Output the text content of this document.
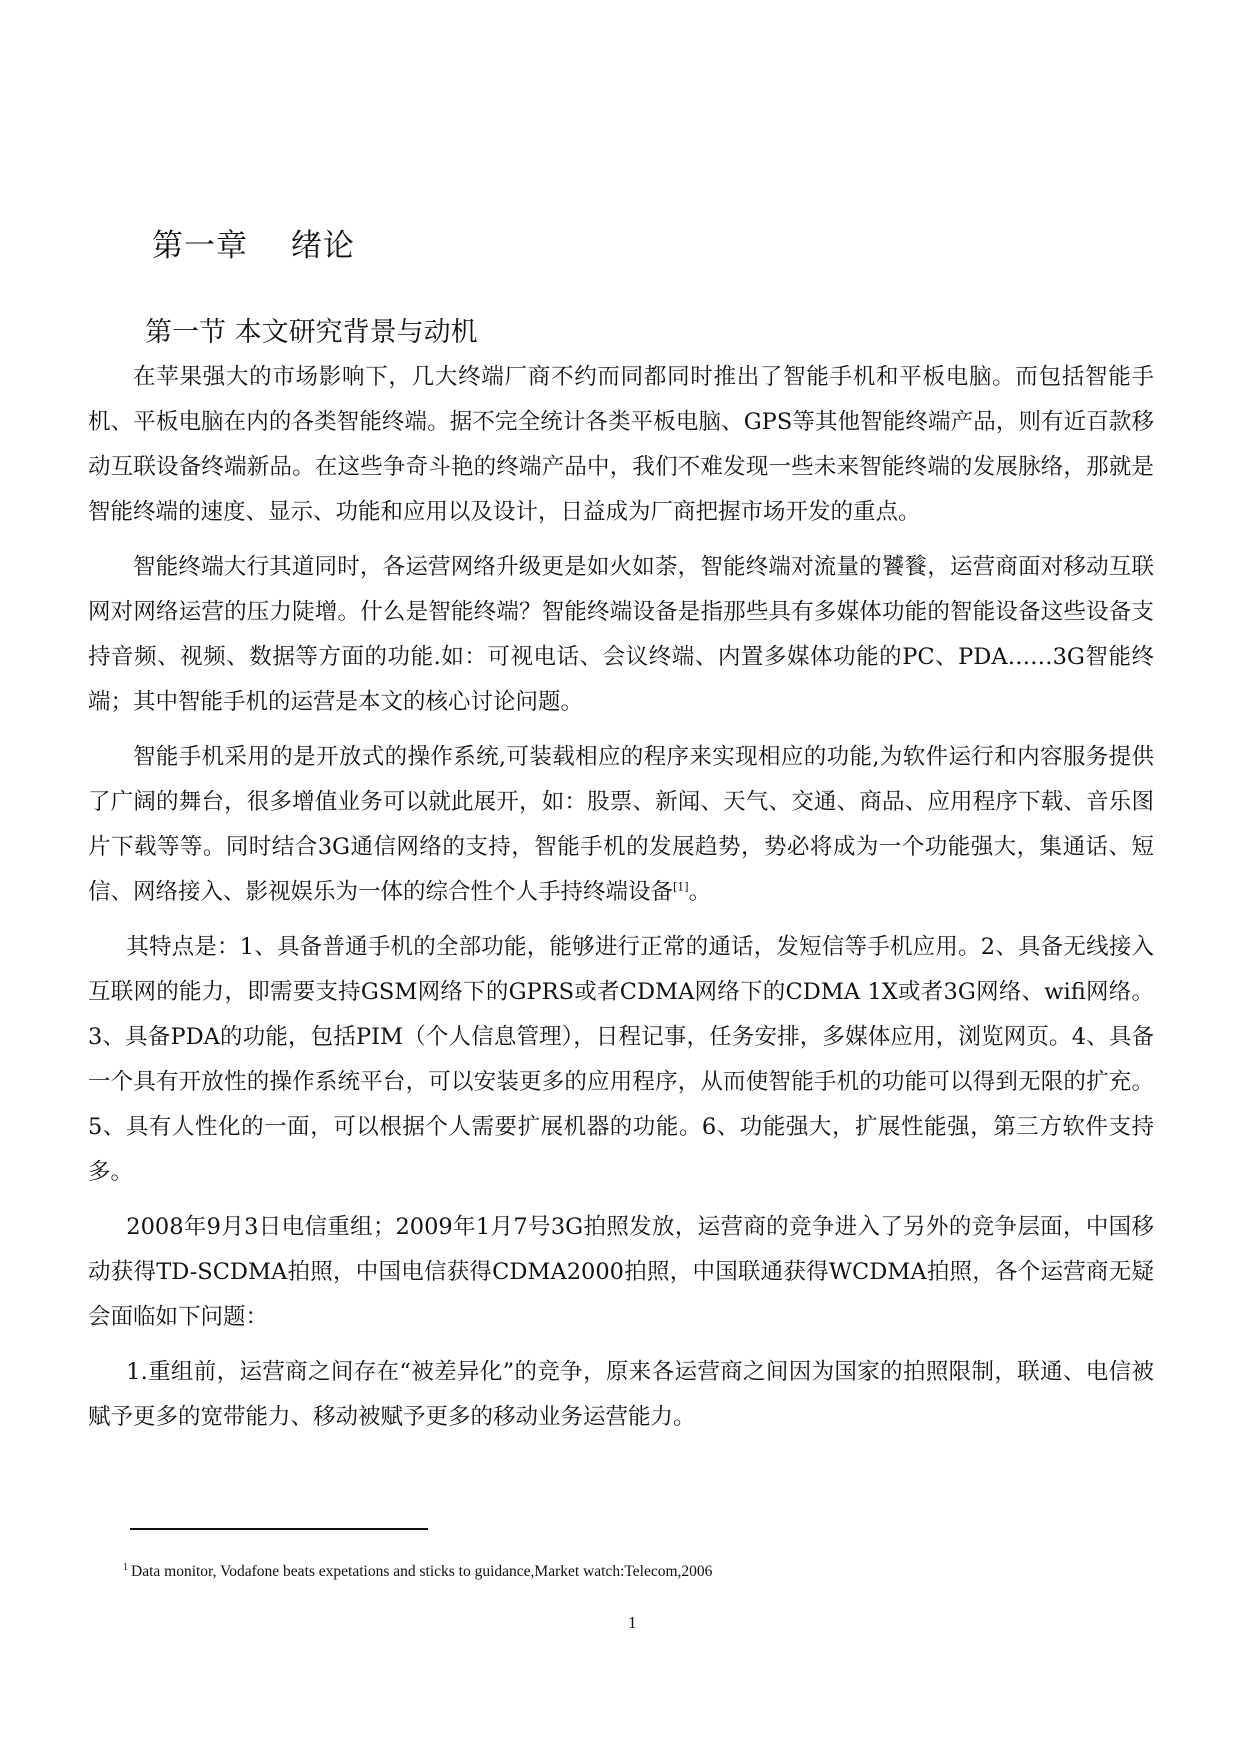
第一章　 绪论
第一节 本文研究背景与动机

在苹果强大的市场影响下，几大终端厂商不约而同都同时推出了智能手机和平板电脑。而包括智能手机、平板电脑在内的各类智能终端。据不完全统计各类平板电脑、GPS等其他智能终端产品，则有近百款移动互联设备终端新品。在这些争奇斗艳的终端产品中，我们不难发现一些未来智能终端的发展脉络，那就是智能终端的速度、显示、功能和应用以及设计，日益成为厂商把握市场开发的重点。

智能终端大行其道同时，各运营网络升级更是如火如荼，智能终端对流量的饕餮，运营商面对移动互联网对网络运营的压力陡增。什么是智能终端？智能终端设备是指那些具有多媒体功能的智能设备这些设备支持音频、视频、数据等方面的功能.如：可视电话、会议终端、内置多媒体功能的PC、PDA……3G智能终端；其中智能手机的运营是本文的核心讨论问题。

智能手机采用的是开放式的操作系统,可装载相应的程序来实现相应的功能,为软件运行和内容服务提供了广阔的舞台，很多增值业务可以就此展开，如：股票、新闻、天气、交通、商品、应用程序下载、音乐图片下载等等。同时结合3G通信网络的支持，智能手机的发展趋势，势必将成为一个功能强大，集通话、短信、网络接入、影视娱乐为一体的综合性个人手持终端设备[1]。

其特点是：1、具备普通手机的全部功能，能够进行正常的通话，发短信等手机应用。2、具备无线接入互联网的能力，即需要支持GSM网络下的GPRS或者CDMA网络下的CDMA 1X或者3G网络、wifi网络。3、具备PDA的功能，包括PIM（个人信息管理），日程记事，任务安排，多媒体应用，浏览网页。4、具备一个具有开放性的操作系统平台，可以安装更多的应用程序，从而使智能手机的功能可以得到无限的扩充。5、具有人性化的一面，可以根据个人需要扩展机器的功能。6、功能强大，扩展性能强，第三方软件支持多。

2008年9月3日电信重组；2009年1月7号3G拍照发放，运营商的竞争进入了另外的竞争层面，中国移动获得TD-SCDMA拍照，中国电信获得CDMA2000拍照，中国联通获得WCDMA拍照，各个运营商无疑会面临如下问题：

1.重组前，运营商之间存在“被差异化”的竞争，原来各运营商之间因为国家的拍照限制，联通、电信被赋予更多的宽带能力、移动被赋予更多的移动业务运营能力。

$^1$ Data monitor, Vodafone beats expetations and sticks to guidance,Market watch:Telecom,2006
1
